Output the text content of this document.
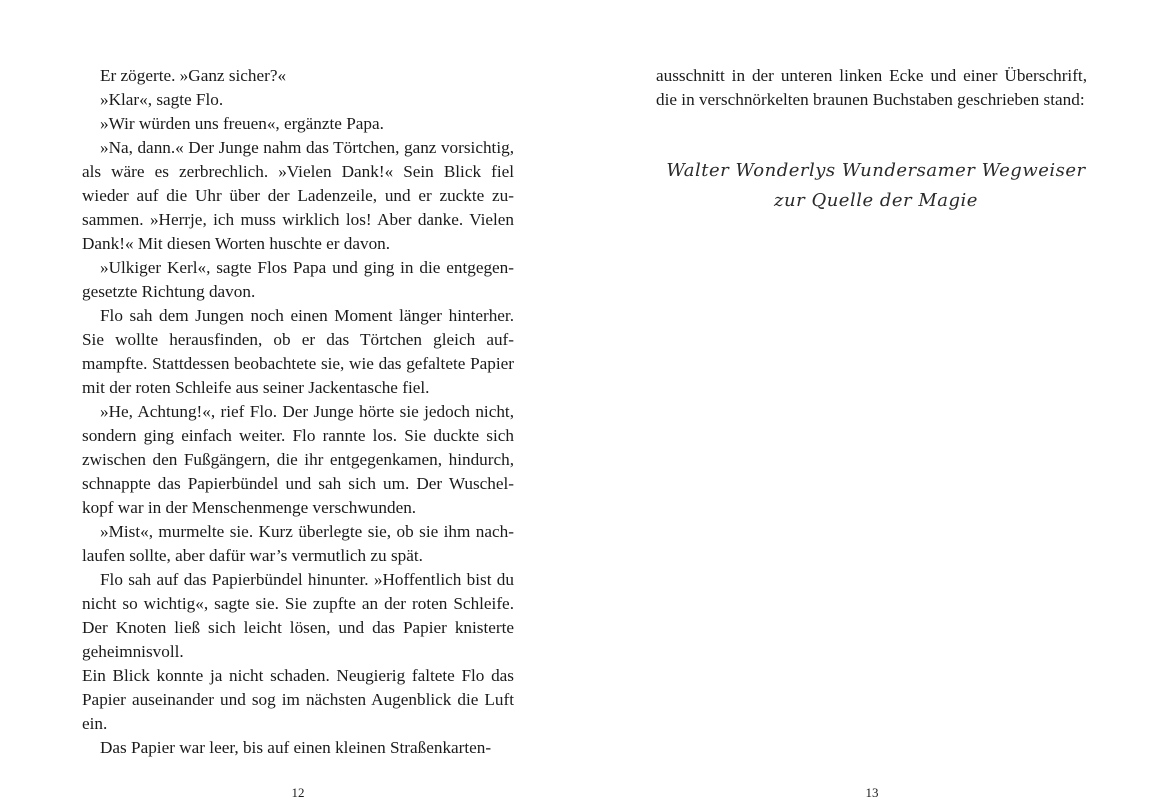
Er zögerte. »Ganz sicher?«

»Klar«, sagte Flo.

»Wir würden uns freuen«, ergänzte Papa.

»Na, dann.« Der Junge nahm das Törtchen, ganz vorsichtig, als wäre es zerbrechlich. »Vielen Dank!« Sein Blick fiel wieder auf die Uhr über der Ladenzeile, und er zuckte zusammen. »Herrje, ich muss wirklich los! Aber danke. Vielen Dank!« Mit diesen Worten huschte er davon.

»Ulkiger Kerl«, sagte Flos Papa und ging in die entgegengesetzte Richtung davon.

Flo sah dem Jungen noch einen Moment länger hinterher. Sie wollte herausfinden, ob er das Törtchen gleich aufmampfte. Stattdessen beobachtete sie, wie das gefaltete Papier mit der roten Schleife aus seiner Jackentasche fiel.

»He, Achtung!«, rief Flo. Der Junge hörte sie jedoch nicht, sondern ging einfach weiter. Flo rannte los. Sie duckte sich zwischen den Fußgängern, die ihr entgegenkamen, hindurch, schnappte das Papierbündel und sah sich um. Der Wuschelkopf war in der Menschenmenge verschwunden.

»Mist«, murmelte sie. Kurz überlegte sie, ob sie ihm nachlaufen sollte, aber dafür war’s vermutlich zu spät.

Flo sah auf das Papierbündel hinunter. »Hoffentlich bist du nicht so wichtig«, sagte sie. Sie zupfte an der roten Schleife. Der Knoten ließ sich leicht lösen, und das Papier knisterte geheimnisvoll.

Ein Blick konnte ja nicht schaden. Neugierig faltete Flo das Papier auseinander und sog im nächsten Augenblick die Luft ein.

Das Papier war leer, bis auf einen kleinen Straßenkarten-

12

ausschnitt in der unteren linken Ecke und einer Überschrift, die in verschnörkelten braunen Buchstaben geschrieben stand:

Walter Wonderlys Wundersamer Wegweiser
zur Quelle der Magie
13
